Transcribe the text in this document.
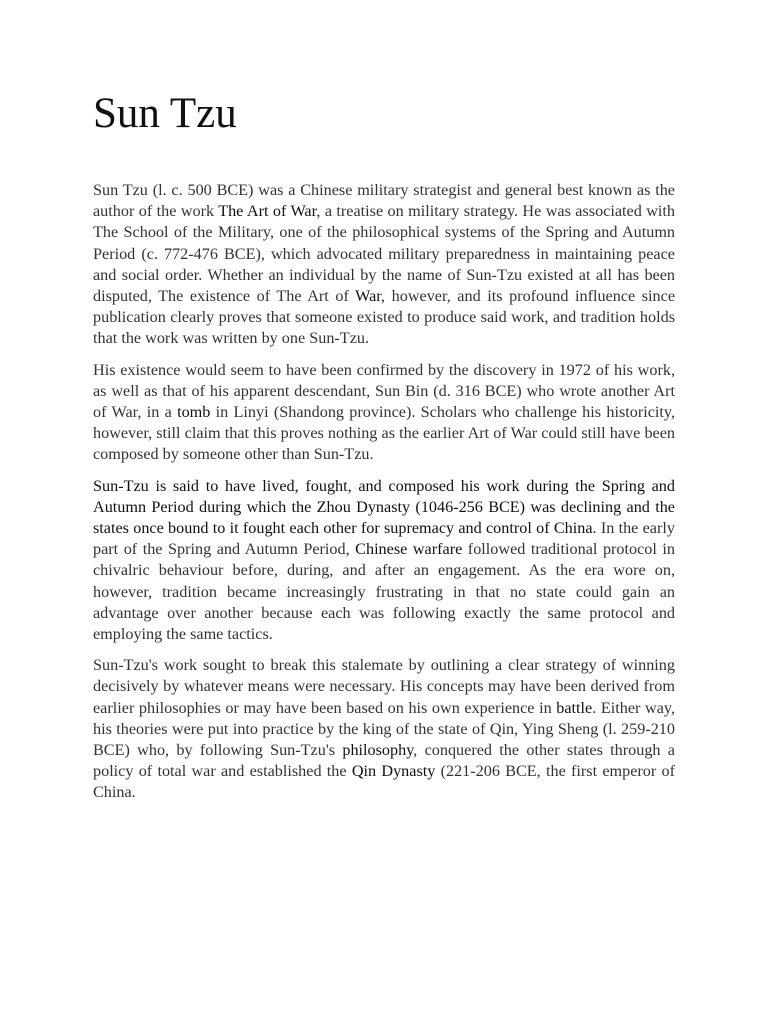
Sun Tzu

Sun Tzu (l. c. 500 BCE) was a Chinese military strategist and general best known as the author of the work The Art of War, a treatise on military strategy. He was associated with The School of the Military, one of the philosophical systems of the Spring and Autumn Period (c. 772-476 BCE), which advocated military preparedness in maintaining peace and social order. Whether an individual by the name of Sun-Tzu existed at all has been disputed, The existence of The Art of War, however, and its profound influence since publication clearly proves that someone existed to produce said work, and tradition holds that the work was written by one Sun-Tzu.

His existence would seem to have been confirmed by the discovery in 1972 of his work, as well as that of his apparent descendant, Sun Bin (d. 316 BCE) who wrote another Art of War, in a tomb in Linyi (Shandong province). Scholars who challenge his historicity, however, still claim that this proves nothing as the earlier Art of War could still have been composed by someone other than Sun-Tzu.

Sun-Tzu is said to have lived, fought, and composed his work during the Spring and Autumn Period during which the Zhou Dynasty (1046-256 BCE) was declining and the states once bound to it fought each other for supremacy and control of China. In the early part of the Spring and Autumn Period, Chinese warfare followed traditional protocol in chivalric behaviour before, during, and after an engagement. As the era wore on, however, tradition became increasingly frustrating in that no state could gain an advantage over another because each was following exactly the same protocol and employing the same tactics.

Sun-Tzu's work sought to break this stalemate by outlining a clear strategy of winning decisively by whatever means were necessary. His concepts may have been derived from earlier philosophies or may have been based on his own experience in battle. Either way, his theories were put into practice by the king of the state of Qin, Ying Sheng (l. 259-210 BCE) who, by following Sun-Tzu's philosophy, conquered the other states through a policy of total war and established the Qin Dynasty (221-206 BCE, the first emperor of China.
